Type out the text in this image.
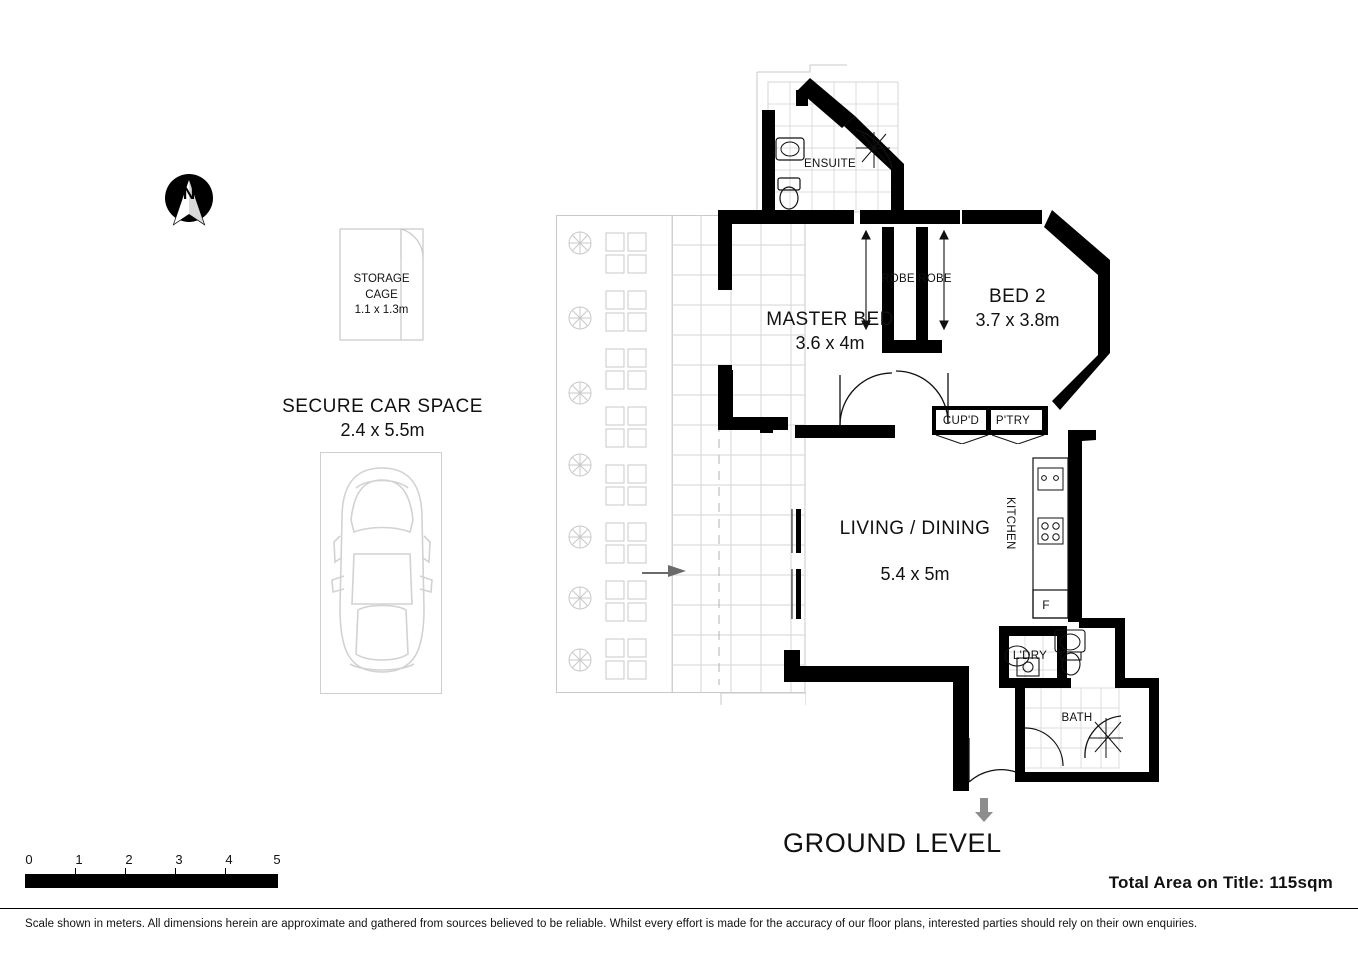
N
STORAGE
CAGE
1.1 x 1.3m
SECURE CAR SPACE
2.4 x 5.5m
ENSUITE
ROBE ROBE
MASTER BED
3.6 x 4m
BED 2
3.7 x 3.8m
CUP'D	P'TRY
KITCHEN
F
LIVING / DINING
5.4 x 5m
L'DRY
BATH
GROUND LEVEL
0	1	2	3	4	5
Total Area on Title: 115sqm
Scale shown in meters. All dimensions herein are approximate and gathered from sources believed to be reliable. Whilst every effort is made for the accuracy of our floor plans, interested parties should rely on their own enquiries.
